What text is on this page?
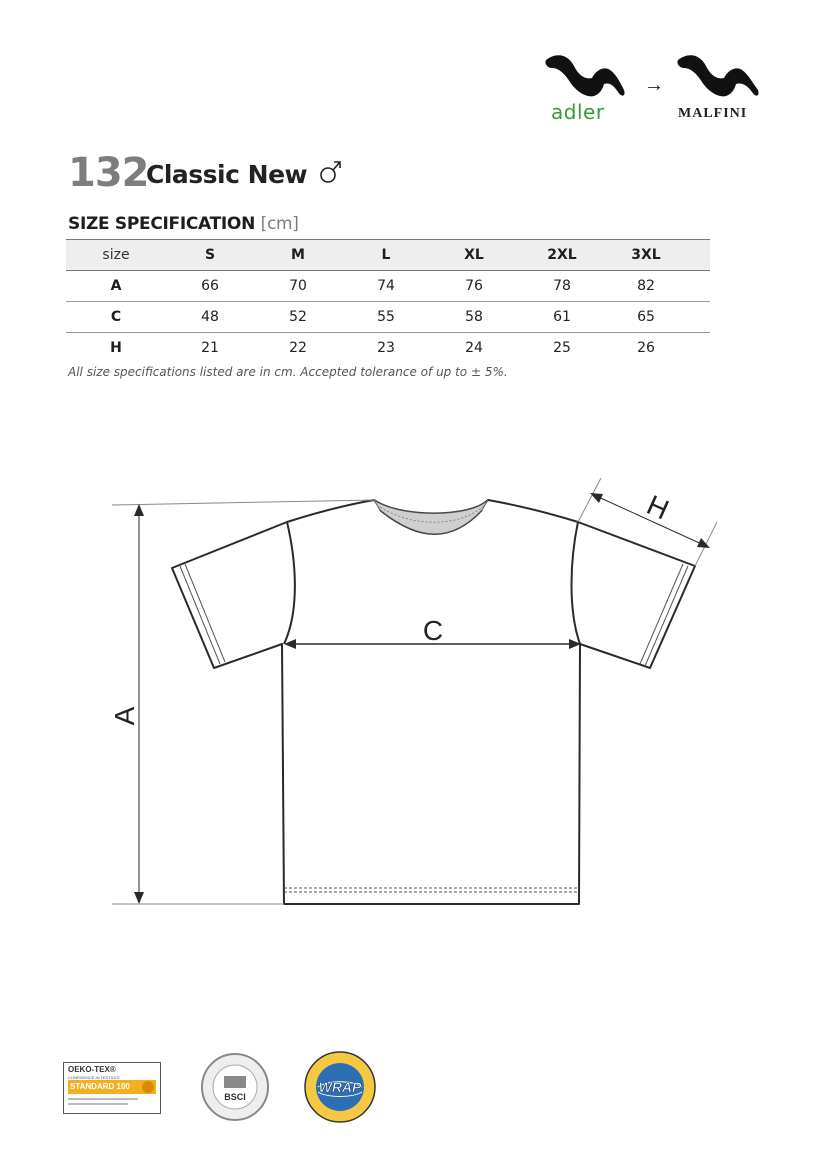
adler
→
MALFINI
132
Classic New
SIZE SPECIFICATION [cm]
size	S	M	L	XL	2XL	3XL	
A	66	70	74	76	78	82	
C	48	52	55	58	61	65	
H	21	22	23	24	25	26	
All size specifications listed are in cm. Accepted tolerance of up to ± 5%.
A
C
H
OEKO-TEX®
CONFIDENCE IN TEXTILES
STANDARD 100
BSCI
WRAP
